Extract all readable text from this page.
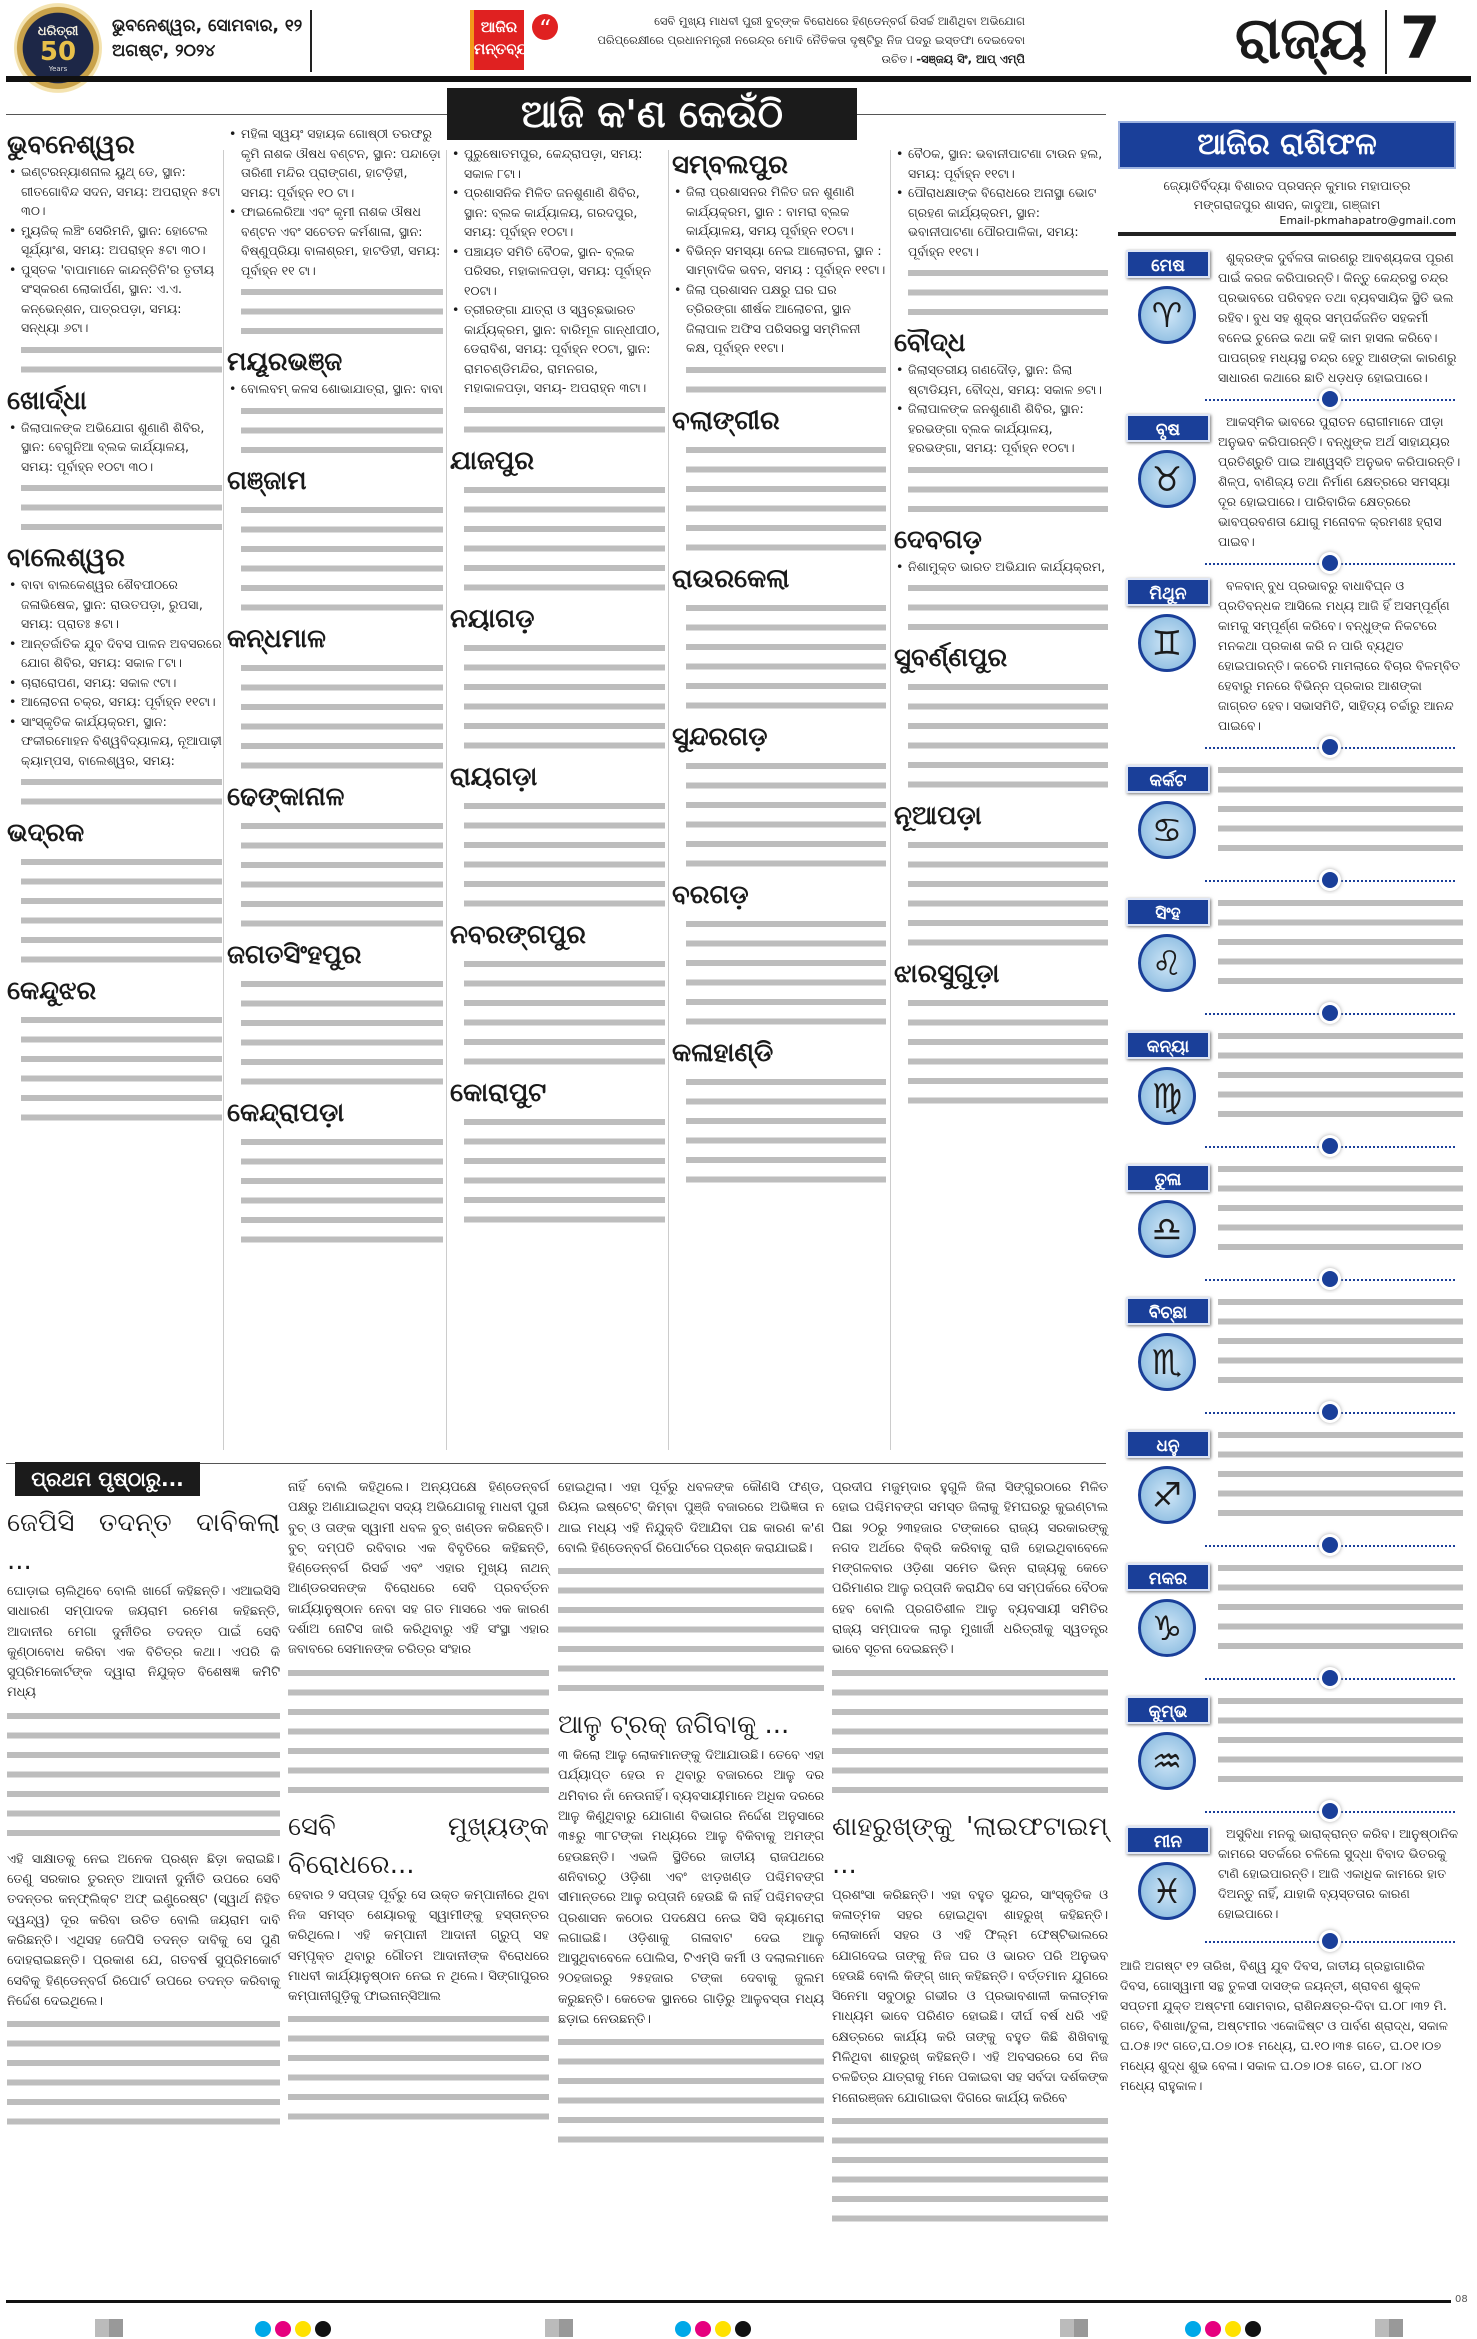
ଧରିତ୍ରୀ
50
Years
ଭୁବନେଶ୍ୱର, ସୋମବାର, ୧୨ ଅଗଷ୍ଟ, ୨୦୨୪
ଆଜିର ମନ୍ତବ୍ୟ
“	ସେବି ମୁଖ୍ୟ ମାଧବୀ ପୁରୀ ବୁଚ୍‌ଙ୍କ ବିରୋଧରେ ହିଣ୍ଡେନ୍‌ବର୍ଗ ରିସର୍ଚ୍ଚ ଆଣିଥିବା ଅଭିଯୋଗ ପରିପ୍ରେକ୍ଷୀରେ ପ୍ରଧାନମନ୍ତ୍ରୀ ନରେନ୍ଦ୍ର ମୋଦି ନୈତିକତା ଦୃଷ୍ଟିରୁ ନିଜ ପଦରୁ ଇସ୍ତଫା ଦେଇଦେବା ଉଚିତ। -ସଞ୍ଜୟ ସିଂ, ଆପ୍ ଏମ୍‌ପି	ରାଜ୍ୟ 7
ଆଜି କ'ଣ କେଉଁଠି
ଭୁବନେଶ୍ୱର
• ଇଣ୍ଟରନ୍ୟାଶନାଲ ୟୁଥ୍ ଡେ, ସ୍ଥାନ: ଗୀତଗୋବିନ୍ଦ ସଦନ, ସମୟ: ଅପରାହ୍ନ ୫ଟା ୩୦।
• ମ୍ୟୁଜିକ୍ ଲଞ୍ଚିଂ ସେରିମନି, ସ୍ଥାନ: ହୋଟେଲ ସୂର୍ଯ୍ୟାଂଶ, ସମୟ: ଅପରାହ୍ନ ୫ଟା ୩୦।
• ପୁସ୍ତକ 'ବାପାମାନେ କାନ୍ଦନ୍ତିନି'ର ତୃତୀୟ ସଂସ୍କରଣ ଲୋକାର୍ପଣ, ସ୍ଥାନ: ଏ.ଏ. କନ୍‌ଭେନ୍‌ଶନ, ପାତ୍ରପଡ଼ା, ସମୟ: ସନ୍ଧ୍ୟା ୬ଟା।
ଖୋର୍ଦ୍ଧା
• ଜିଲାପାଳଙ୍କ ଅଭିଯୋଗ ଶୁଣାଣି ଶିବିର, ସ୍ଥାନ: ବେଗୁନିଆ ବ୍ଲକ କାର୍ଯ୍ୟାଳୟ, ସମୟ: ପୂର୍ବାହ୍ନ ୧୦ଟା ୩୦।
ବାଲେଶ୍ୱର
• ବାବା ବାଲକେଶ୍ୱର ଶୈବପୀଠରେ ଜଳାଭିଷେକ, ସ୍ଥାନ: ରାଉତପଡ଼ା, ରୁପସା, ସମୟ: ପ୍ରାତଃ ୫ଟା।
• ଆନ୍ତର୍ଜାତିକ ଯୁବ ଦିବସ ପାଳନ ଅବସରରେ ଯୋଗ ଶିବିର, ସମୟ: ସକାଳ ୮ଟା।
• ଚାରାରୋପଣ, ସମୟ: ସକାଳ ୯ଟା।
• ଆଲୋଚନା ଚକ୍ର, ସମୟ: ପୂର୍ବାହ୍ନ ୧୧ଟା।
• ସାଂସ୍କୃତିକ କାର୍ଯ୍ୟକ୍ରମ, ସ୍ଥାନ: ଫକୀରମୋହନ ବିଶ୍ୱବିଦ୍ୟାଳୟ, ନୂଆପାଢ଼ୀ କ୍ୟାମ୍ପସ, ବାଲେଶ୍ୱର, ସମୟ:
ଭଦ୍ରକ
କେନ୍ଦୁଝର
• ମହିଳା ସ୍ୱୟଂ ସହାୟକ ଗୋଷ୍ଠୀ ତରଫରୁ କୃମି ନାଶକ ଔଷଧ ବଣ୍ଟନ, ସ୍ଥାନ: ପନ୍ଦାଡ଼ୋ ତାରିଣୀ ମନ୍ଦିର ପ୍ରାଙ୍ଗଣ, ହାଟଡ଼ିହୀ, ସମୟ: ପୂର୍ବାହ୍ନ ୧୦ ଟା।
• ଫାଇଲେରିଆ ଏବଂ କୃମୀ ନାଶକ ଔଷଧ ବଣ୍ଟନ ଏବଂ ସଚେତନ କର୍ମଶାଳା, ସ୍ଥାନ: ବିଷ୍ଣୁପ୍ରିୟା ବାଳାଶ୍ରମ, ହାଟଡିହୀ, ସମୟ: ପୂର୍ବାହ୍ନ ୧୧ ଟା।
ମୟୂରଭଞ୍ଜ
• ବୋଲବମ୍ କଳସ ଶୋଭାଯାତ୍ରା, ସ୍ଥାନ: ବାବା
ଗଞ୍ଜାମ
କନ୍ଧମାଳ
ଢେଙ୍କାନାଳ
ଜଗତସିଂହପୁର
କେନ୍ଦ୍ରାପଡ଼ା
• ପୁରୁଷୋତମପୁର, କେନ୍ଦ୍ରାପଡ଼ା, ସମୟ: ସକାଳ ୮ଟା।
• ପ୍ରଶାସନିକ ମିଳିତ ଜନଶୁଣାଣି ଶିବିର, ସ୍ଥାନ: ବ୍ଲକ କାର୍ଯ୍ୟାଳୟ, ଗରଦପୁର, ସମୟ: ପୂର୍ବାହ୍ନ ୧୦ଟା।
• ପଞ୍ଚାୟତ ସମିତି ବୈଠକ, ସ୍ଥାନ- ବ୍ଲକ ପରିସର, ମହାକାଳପଡ଼ା, ସମୟ: ପୂର୍ବାହ୍ନ ୧୦ଟା।
• ତ୍ରୀରଙ୍ଗା ଯାତ୍ରା ଓ ସ୍ୱଚ୍ଛଭାରତ କାର୍ଯ୍ୟକ୍ରମ, ସ୍ଥାନ: ବାରିମୂଳ ଗାନ୍ଧୀପୀଠ, ଡେରାବିଶ, ସମୟ: ପୂର୍ବାହ୍ନ ୧୦ଟା, ସ୍ଥାନ: ରାମଚଣ୍ଡିମନ୍ଦିର, ରାମନଗର, ମହାକାଳପଡ଼ା, ସମୟ- ଅପରାହ୍ନ ୩ଟା।
ଯାଜପୁର
ନୟାଗଡ଼
ରାୟଗଡ଼ା
ନବରଙ୍ଗପୁର
କୋରାପୁଟ
ସମ୍ବଲପୁର
• ଜିଲା ପ୍ରଶାସନର ମିଳିତ ଜନ ଶୁଣାଣି କାର୍ଯ୍ୟକ୍ରମ, ସ୍ଥାନ : ବାମରା ବ୍ଲକ କାର୍ଯ୍ୟାଳୟ, ସମୟ ପୂର୍ବାହ୍ନ ୧୦ଟା।
• ବିଭିନ୍ନ ସମସ୍ୟା ନେଇ ଆଲୋଚନା, ସ୍ଥାନ : ସାମ୍ବାଦିକ ଭବନ, ସମୟ : ପୂର୍ବାହ୍ନ ୧୧ଟା।
• ଜିଲା ପ୍ରଶାସନ ପକ୍ଷରୁ ଘର ଘର ତ୍ରିରଙ୍ଗା ଶୀର୍ଷକ ଆଲୋଚନା, ସ୍ଥାନ ଜିଲାପାଳ ଅଫିସ ପରିସରସ୍ଥ ସମ୍ମିଳନୀ କକ୍ଷ, ପୂର୍ବାହ୍ନ ୧୧ଟା।
ବଲାଙ୍ଗୀର
ରାଉରକେଲା
ସୁନ୍ଦରଗଡ଼
ବରଗଡ଼
କଳାହାଣ୍ଡି
• ବୈଠକ, ସ୍ଥାନ: ଭବାନୀପାଟଣା ଟାଉନ ହଲ, ସମୟ: ପୂର୍ବାହ୍ନ ୧୧ଟା।
• ପୌରାଧକ୍ଷାଙ୍କ ବିରୋଧରେ ଅନାସ୍ଥା ଭୋଟ ଗ୍ରହଣ କାର୍ଯ୍ୟକ୍ରମ, ସ୍ଥାନ: ଭବାନୀପାଟଣା ପୌରପାଳିକା, ସମୟ: ପୂର୍ବାହ୍ନ ୧୧ଟା।
ବୌଦ୍ଧ
• ଜିଲାସ୍ତରୀୟ ଗଣଦୌଡ଼, ସ୍ଥାନ: ଜିଲା ଷ୍ଟାଡିୟମ, ବୌଦ୍ଧ, ସମୟ: ସକାଳ ୭ଟା।
• ଜିଲାପାଳଙ୍କ ଜନଶୁଣାଣି ଶିବିର, ସ୍ଥାନ: ହରଭଙ୍ଗା ବ୍ଲକ କାର୍ଯ୍ୟାଳୟ, ହରଭଙ୍ଗା, ସମୟ: ପୂର୍ବାହ୍ନ ୧୦ଟା।
ଦେବଗଡ଼
• ନିଶାମୁକ୍ତ ଭାରତ ଅଭିଯାନ କାର୍ଯ୍ୟକ୍ରମ,
ସୁବର୍ଣ୍ଣପୁର
ନୂଆପଡ଼ା
ଝାରସୁଗୁଡ଼ା
ଆଜିର ରାଶିଫଳ
ଜ୍ୟୋତିର୍ବିଦ୍ୟା ବିଶାରଦ ପ୍ରସନ୍ନ କୁମାର ମହାପାତ୍ର
ମଙ୍ଗରାଜପୁର ଶାସନ, କାଦୁଆ, ଗଞ୍ଜାମ
Email-pkmahapatro@gmail.com
ମେଷ
♈
ଶୁକ୍ରଙ୍କ ଦୁର୍ବଳତା କାରଣରୁ ଆବଶ୍ୟକତା ପୂରଣ ପାଇଁ କରଜ କରିପାରନ୍ତି। କିନ୍ତୁ କେନ୍ଦ୍ରସ୍ଥ ଚନ୍ଦ୍ର ପ୍ରଭାବରେ ପରିବହନ ତଥା ବ୍ୟବସାୟିକ ସ୍ଥିତି ଭଲ ରହିବ। ବୁଧ ସହ ଶୁକ୍ର ସମ୍ପର୍କଜନିତ ସହକର୍ମୀ ବନେଇ ଚୁନେଇ କଥା କହି କାମ ହାସଲ କରିବେ। ପାପଗ୍ରହ ମଧ୍ୟସ୍ଥ ଚନ୍ଦ୍ର ହେତୁ ଆଶଙ୍କା କାରଣରୁ ସାଧାରଣ କଥାରେ ଛାତି ଧଡ଼ଧଡ଼ ହୋଇପାରେ।
ବୃଷ
♉
ଆକସ୍ମିକ ଭାବରେ ପୁରାତନ ରୋଗୀମାନେ ପୀଡ଼ା ଅନୁଭବ କରିପାରନ୍ତି। ବନ୍ଧୁଙ୍କ ଅର୍ଥ ସାହାଯ୍ୟର ପ୍ରତିଶ୍ରୁତି ପାଇ ଆଶ୍ୱସ୍ତି ଅନୁଭବ କରିପାରନ୍ତି। ଶିଳ୍ପ, ବାଣିଜ୍ୟ ତଥା ନିର୍ମାଣ କ୍ଷେତ୍ରରେ ସମସ୍ୟା ଦୂର ହୋଇପାରେ। ପାରିବାରିକ କ୍ଷେତ୍ରରେ ଭାବପ୍ରବଣତା ଯୋଗୁ ମନୋବଳ କ୍ରମଶଃ ହ୍ରାସ ପାଇବ।
ମିଥୁନ
♊
ବଳବାନ୍ ବୁଧ ପ୍ରଭାବରୁ ବାଧାବିଘ୍ନ ଓ ପ୍ରତିବନ୍ଧକ ଆସିଲେ ମଧ୍ୟ ଆଜି ହିଁ ଅସମ୍ପୂର୍ଣ୍ଣ କାମକୁ ସମ୍ପୂର୍ଣ୍ଣ କରିବେ। ବନ୍ଧୁଙ୍କ ନିକଟରେ ମନକଥା ପ୍ରକାଶ କରି ନ ପାରି ବ୍ୟଥିତ ହୋଇପାରନ୍ତି। କଚେରି ମାମଲାରେ ବିଚାର ବିଳମ୍ବିତ ହେବାରୁ ମନରେ ବିଭିନ୍ନ ପ୍ରକାର ଆଶଙ୍କା ଜାଗ୍ରତ ହେବ। ସଭାସମିତି, ସାହିତ୍ୟ ଚର୍ଚ୍ଚାରୁ ଆନନ୍ଦ ପାଇବେ।
କର୍କଟ
♋
ସିଂହ
♌
କନ୍ୟା
♍
ତୁଳା
♎
ବିଚ୍ଛା
♏
ଧନୁ
♐
ମକର
♑
କୁମ୍ଭ
♒
ମୀନ
♓
ଅସୁବିଧା ମନକୁ ଭାରାକ୍ରାନ୍ତ କରିବ। ଆନୁଷ୍ଠାନିକ କାମରେ ସତର୍କରେ ଚଳିଲେ ସୁଦ୍ଧା ବିବାଦ ଭିତରକୁ ଟାଣି ହୋଇପାରନ୍ତି। ଆଜି ଏକାଧିକ କାମରେ ହାତ ଦିଅନ୍ତୁ ନାହିଁ, ଯାହାକି ବ୍ୟସ୍ତତାର କାରଣ ହୋଇପାରେ।
ଆଜି ଅଗଷ୍ଟ ୧୨ ତାରିଖ, ବିଶ୍ୱ ଯୁବ ଦିବସ, ଜାତୀୟ ଗ୍ରନ୍ଥାଗାରିକ ଦିବସ, ଗୋସ୍ୱାମୀ ସନ୍ଥ ତୁଳସୀ ଦାସଙ୍କ ଜୟନ୍ତୀ, ଶ୍ରାବଣ ଶୁକ୍ଳ ସପ୍ତମୀ ଯୁକ୍ତ ଅଷ୍ଟମୀ ସୋମବାର, ରାଶିନକ୍ଷତ୍ର-ଦିବା ଘ.୦୮।୩୨ ମି. ଗତେ, ବିଶାଖା/ତୁଳା, ଅଷ୍ଟମୀର ଏକୋଦ୍ଦିଷ୍ଟ ଓ ପାର୍ବଣ ଶ୍ରାଦ୍ଧ, ସକାଳ ଘ.୦୫।୨୯ ଗତେ,ଘ.୦୭।୦୫ ମଧ୍ୟେ, ଘ.୧୦।୩୫ ଗତେ, ଘ.୦୧।୦୭ ମଧ୍ୟେ ଶୁଦ୍ଧ ଶୁଭ ବେଳା। ସକାଳ ଘ.୦୭।୦୫ ଗତେ, ଘ.୦୮।୪୦ ମଧ୍ୟେ ରାହୁକାଳ।
ପ୍ରଥମ ପୃଷ୍ଠାରୁ...
ଜେପିସି ତଦନ୍ତ ଦାବିକଲା ...
ଘୋଡ଼ାଇ ଚାଲିଥିବେ ବୋଲି ଖାର୍ଗେ କହିଛନ୍ତି। ଏଆଇସିସି ସାଧାରଣ ସମ୍ପାଦକ ଜୟରାମ ରମେଶ କହିଛନ୍ତି, ଆଦାନୀର ମେଗା ଦୁର୍ନୀତିର ତଦନ୍ତ ପାଇଁ ସେବି କୁଣ୍ଠାବୋଧ କରିବା ଏକ ବିଚିତ୍ର କଥା। ଏପରି କି ସୁପ୍ରିମକୋର୍ଟଙ୍କ ଦ୍ୱାରା ନିଯୁକ୍ତ ବିଶେଷଜ୍ଞ କମିଟି ମଧ୍ୟ
ଏହି ସାକ୍ଷାତକୁ ନେଇ ଅନେକ ପ୍ରଶ୍ନ ଛିଡ଼ା କରାଇଛି। ତେଣୁ ସରକାର ତୁରନ୍ତ ଆଦାନୀ ଦୁର୍ନୀତି ଉପରେ ସେବି ତଦନ୍ତର କନ୍‌ଫ୍ଲିକ୍ଟ ଅଫ୍ ଇଣ୍ଟ୍ରେଷ୍ଟ (ସ୍ୱାର୍ଥ ନିହିତ ଦ୍ୱନ୍ଦ୍ୱ) ଦୂର କରିବା ଉଚିତ ବୋଲି ଜୟରାମ ଦାବି କରିଛନ୍ତି। ଏଥିସହ ଜେପିସି ତଦନ୍ତ ଦାବିକୁ ସେ ପୁଣି ଦୋହରାଇଛନ୍ତି। ପ୍ରକାଶ ଯେ, ଗତବର୍ଷ ସୁପ୍ରିମକୋର୍ଟ ସେବିକୁ ହିଣ୍ଡେନ୍‌ବର୍ଗ ରିପୋର୍ଟ ଉପରେ ତଦନ୍ତ କରିବାକୁ ନିର୍ଦ୍ଦେଶ ଦେଇଥିଲେ।
ନାହିଁ ବୋଲି କହିଥିଲେ। ଅନ୍ୟପକ୍ଷେ ହିଣ୍ଡେନ୍‌ବର୍ଗ ପକ୍ଷରୁ ଅଣାଯାଇଥିବା ସଦ୍ୟ ଅଭିଯୋଗକୁ ମାଧବୀ ପୁରୀ ବୁଚ୍ ଓ ତାଙ୍କ ସ୍ୱାମୀ ଧବଳ ବୁଚ୍ ଖଣ୍ଡନ କରିଛନ୍ତି। ବୁଚ୍ ଦମ୍ପତି ରବିବାର ଏକ ବିବୃତିରେ କହିଛନ୍ତି, ହିଣ୍ଡେନ୍‌ବର୍ଗ ରିସର୍ଚ୍ଚ ଏବଂ ଏହାର ମୁଖ୍ୟ ନାଥନ୍ ଆଣ୍ଡରସନଙ୍କ ବିରୋଧରେ ସେବି ପ୍ରବର୍ତ୍ତନ କାର୍ଯ୍ୟାନୁଷ୍ଠାନ ନେବା ସହ ଗତ ମାସରେ ଏକ କାରଣ ଦର୍ଶାଅ ନୋଟିସ ଜାରି କରିଥିବାରୁ ଏହି ସଂସ୍ଥା ଏହାର ଜବାବରେ ସେମାନଙ୍କ ଚରିତ୍ର ସଂହାର
ସେବି ମୁଖ୍ୟଙ୍କ ବିରୋଧରେ...
ହେବାର ୨ ସପ୍ତାହ ପୂର୍ବରୁ ସେ ଉକ୍ତ କମ୍ପାନୀରେ ଥିବା ନିଜ ସମସ୍ତ ଶେୟାରକୁ ସ୍ୱାମୀଙ୍କୁ ହସ୍ତାନ୍ତର କରିଥିଲେ। ଏହି କମ୍ପାନୀ ଆଦାନୀ ଗ୍ରୁପ୍ ସହ ସମ୍ପୃକ୍ତ ଥିବାରୁ ଗୌତମ ଆଦାନୀଙ୍କ ବିରୋଧରେ ମାଧବୀ କାର୍ଯ୍ୟାନୁଷ୍ଠାନ ନେଇ ନ ଥିଲେ। ସିଙ୍ଗାପୁରର କମ୍ପାନୀଗୁଡ଼ିକୁ ଫାଇନାନ୍ସିଆଲ
ହୋଇଥିଲା। ଏହା ପୂର୍ବରୁ ଧବଳଙ୍କ କୌଣସି ଫଣ୍ଡ, ରିୟଲ ଇଷ୍ଟେଟ୍ କିମ୍ବା ପୁଞ୍ଜି ବଜାରରେ ଅଭିଜ୍ଞତା ନ ଥାଇ ମଧ୍ୟ ଏହି ନିଯୁକ୍ତି ଦିଆଯିବା ପଛ କାରଣ କ'ଣ ବୋଲି ହିଣ୍ଡେନ୍‌ବର୍ଗ ରିପୋର୍ଟରେ ପ୍ରଶ୍ନ କରାଯାଇଛି।
ଆଳୁ ଟ୍ରକ୍ ଜଗିବାକୁ ...
୩ କିଲୋ ଆଳୁ ଲୋକମାନଙ୍କୁ ଦିଆଯାଉଛି। ତେବେ ଏହା ପର୍ଯ୍ୟାପ୍ତ ହେଉ ନ ଥିବାରୁ ବଜାରରେ ଆଳୁ ଦର ଥମିବାର ନାଁ ନେଉନାହିଁ। ବ୍ୟବସାୟୀମାନେ ଅଧିକ ଦରରେ ଆଳୁ କିଣୁଥିବାରୁ ଯୋଗାଣ ବିଭାଗର ନିର୍ଦ୍ଦେଶ ଅନୁସାରେ ୩୫ରୁ ୩୮ଟଙ୍କା ମଧ୍ୟରେ ଆଳୁ ବିକିବାକୁ ଅମଙ୍ଗ ହେଉଛନ୍ତି। ଏଭଳି ସ୍ଥିତିରେ ଜାତୀୟ ରାଜପଥରେ ଶନିବାରଠୁ ଓଡ଼ିଶା ଏବଂ ଝାଡ଼ଖଣ୍ଡ ପଶ୍ଚିମବଙ୍ଗ ସୀମାନ୍ତରେ ଆଳୁ ରପ୍ତାନି ହେଉଛି କି ନାହିଁ ପଶ୍ଚିମବଙ୍ଗ ପ୍ରଶାସନ କଠୋର ପଦକ୍ଷେପ ନେଇ ସିସି କ୍ୟାମେରା ଲଗାଇଛି। ଓଡ଼ିଶାକୁ ଗଳାବାଟ ଦେଇ ଆଳୁ ଆସୁଥିବାବେଳେ ପୋଲିସ, ଟିଏମ୍‌ସି କର୍ମୀ ଓ ଦଲାଲମାନେ ୨୦ହଜାରରୁ ୨୫ହଜାର ଟଙ୍କା ଦେବାକୁ ଜୁଲମ କରୁଛନ୍ତି। କେତେକ ସ୍ଥାନରେ ଗାଡ଼ିରୁ ଆଳୁବସ୍ତା ମଧ୍ୟ ଛଡ଼ାଇ ନେଉଛନ୍ତି।
ପ୍ରଦୀପ ମଜୁମ୍‌ଦାର ହୁଗୁଳି ଜିଲା ସିଙ୍ଗୁରଠାରେ ମିଳିତ ହୋଇ ପଶ୍ଚିମବଙ୍ଗ ସମସ୍ତ ଜିଲାକୁ ହିମଘରରୁ କୁଇଣ୍ଟାଲ ପିଛା ୨୦ରୁ ୨୩ହଜାର ଟଙ୍କାରେ ରାଜ୍ୟ ସରକାରଙ୍କୁ ନଗଦ ଅର୍ଥରେ ବିକ୍ରି କରିବାକୁ ରାଜି ହୋଇଥିବାବେଳେ ମଙ୍ଗଳବାର ଓଡ଼ିଶା ସମେତ ଭିନ୍ନ ରାଜ୍ୟକୁ କେତେ ପରିମାଣର ଆଳୁ ରପ୍ତାନି କରାଯିବ ସେ ସମ୍ପର୍କରେ ବୈଠକ ହେବ ବୋଲି ପ୍ରଗତିଶୀଳ ଆଳୁ ବ୍ୟବସାୟୀ ସମିତିର ରାଜ୍ୟ ସମ୍ପାଦକ ଲାଲୁ ମୁଖାର୍ଜୀ ଧରିତ୍ରୀକୁ ସ୍ୱତନ୍ତ୍ର ଭାବେ ସୂଚନା ଦେଇଛନ୍ତି।
ଶାହରୁଖ୍‌ଙ୍କୁ 'ଲାଇଫଟାଇମ୍ ...
ପ୍ରଶଂସା କରିଛନ୍ତି। ଏହା ବହୁତ ସୁନ୍ଦର, ସାଂସ୍କୃତିକ ଓ କଳାତ୍ମକ ସହର ହୋଇଥିବା ଶାହରୁଖ୍ କହିଛନ୍ତି। ଲୋକାର୍ନୋ ସହର ଓ ଏହି ଫିଲ୍ମ ଫେଷ୍ଟିଭାଲରେ ଯୋଗଦେଇ ତାଙ୍କୁ ନିଜ ଘର ଓ ଭାରତ ପରି ଅନୁଭବ ହେଉଛି ବୋଲି କିଙ୍ଗ୍ ଖାନ୍ କହିଛନ୍ତି। ବର୍ତ୍ତମାନ ଯୁଗରେ ସିନେମା ସବୁଠାରୁ ଗଭୀର ଓ ପ୍ରଭାବଶାଳୀ କଳାତ୍ମକ ମାଧ୍ୟମ ଭାବେ ପରିଣତ ହୋଇଛି। ଦୀର୍ଘ ବର୍ଷ ଧରି ଏହି କ୍ଷେତ୍ରରେ କାର୍ଯ୍ୟ କରି ତାଙ୍କୁ ବହୁତ କିଛି ଶିଖିବାକୁ ମିଳିଥିବା ଶାହରୁଖ୍ କହିଛନ୍ତି। ଏହି ଅବସରରେ ସେ ନିଜ ଚଳଚ୍ଚିତ୍ର ଯାତ୍ରାକୁ ମନେ ପକାଇବା ସହ ସର୍ବଦା ଦର୍ଶକଙ୍କ ମନୋରଞ୍ଜନ ଯୋଗାଇବା ଦିଗରେ କାର୍ଯ୍ୟ କରିବେ
08
